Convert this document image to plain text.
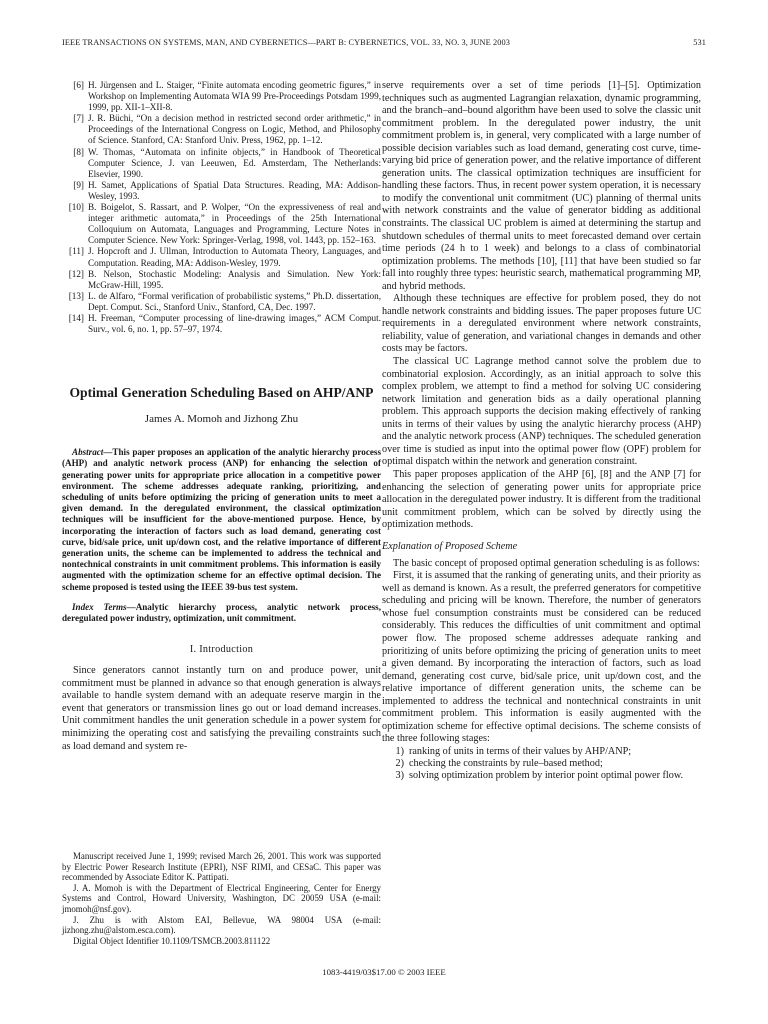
IEEE TRANSACTIONS ON SYSTEMS, MAN, AND CYBERNETICS—PART B: CYBERNETICS, VOL. 33, NO. 3, JUNE 2003	531
[6] H. Jürgensen and L. Staiger, “Finite automata encoding geometric figures,” in Workshop on Implementing Automata WIA 99 Pre-Proceedings Potsdam 1999, 1999, pp. XII-1–XII-8.
[7] J. R. Büchi, “On a decision method in restricted second order arithmetic,” in Proceedings of the International Congress on Logic, Method, and Philosophy of Science. Stanford, CA: Stanford Univ. Press, 1962, pp. 1–12.
[8] W. Thomas, “Automata on infinite objects,” in Handbook of Theoretical Computer Science, J. van Leeuwen, Ed. Amsterdam, The Netherlands: Elsevier, 1990.
[9] H. Samet, Applications of Spatial Data Structures. Reading, MA: Addison-Wesley, 1993.
[10] B. Boigelot, S. Rassart, and P. Wolper, “On the expressiveness of real and integer arithmetic automata,” in Proceedings of the 25th International Colloquium on Automata, Languages and Programming, Lecture Notes in Computer Science. New York: Springer-Verlag, 1998, vol. 1443, pp. 152–163.
[11] J. Hopcroft and J. Ullman, Introduction to Automata Theory, Languages, and Computation. Reading, MA: Addison-Wesley, 1979.
[12] B. Nelson, Stochastic Modeling: Analysis and Simulation. New York: McGraw-Hill, 1995.
[13] L. de Alfaro, “Formal verification of probabilistic systems,” Ph.D. dissertation, Dept. Comput. Sci., Stanford Univ., Stanford, CA, Dec. 1997.
[14] H. Freeman, “Computer processing of line-drawing images,” ACM Comput. Surv., vol. 6, no. 1, pp. 57–97, 1974.
Optimal Generation Scheduling Based on AHP/ANP
James A. Momoh and Jizhong Zhu

Abstract—This paper proposes an application of the analytic hierarchy process (AHP) and analytic network process (ANP) for enhancing the selection of generating power units for appropriate price allocation in a competitive power environment. The scheme addresses adequate ranking, prioritizing, and scheduling of units before optimizing the pricing of generation units to meet a given demand. In the deregulated environment, the classical optimization techniques will be insufficient for the above-mentioned purpose. Hence, by incorporating the interaction of factors such as load demand, generating cost curve, bid/sale price, unit up/down cost, and the relative importance of different generation units, the scheme can be implemented to address the technical and nontechnical constraints in unit commitment problems. This information is easily augmented with the optimization scheme for an effective optimal decision. The scheme proposed is tested using the IEEE 39-bus test system.

Index Terms—Analytic hierarchy process, analytic network process, deregulated power industry, optimization, unit commitment.

I. Introduction

Since generators cannot instantly turn on and produce power, unit commitment must be planned in advance so that enough generation is always available to handle system demand with an adequate reserve margin in the event that generators or transmission lines go out or load demand increases. Unit commitment handles the unit generation schedule in a power system for minimizing the operating cost and satisfying the prevailing constraints such as load demand and system re-

Manuscript received June 1, 1999; revised March 26, 2001. This work was supported by Electric Power Research Institute (EPRI), NSF RIMI, and CESaC. This paper was recommended by Associate Editor K. Pattipati.

J. A. Momoh is with the Department of Electrical Engineering, Center for Energy Systems and Control, Howard University, Washington, DC 20059 USA (e-mail: jmomoh@nsf.gov).

J. Zhu is with Alstom EAI, Bellevue, WA 98004 USA (e-mail: jizhong.zhu@alstom.esca.com).

Digital Object Identifier 10.1109/TSMCB.2003.811122

serve requirements over a set of time periods [1]–[5]. Optimization techniques such as augmented Lagrangian relaxation, dynamic programming, and the branch–and–bound algorithm have been used to solve the classic unit commitment problem. In the deregulated power industry, the unit commitment problem is, in general, very complicated with a large number of possible decision variables such as load demand, generating cost curve, time-varying bid price of generation power, and the relative importance of different generation units. The classical optimization techniques are insufficient for handling these factors. Thus, in recent power system operation, it is necessary to modify the conventional unit commitment (UC) planning of thermal units with network constraints and the value of generator bidding as additional constraints. The classical UC problem is aimed at determining the startup and shutdown schedules of thermal units to meet forecasted demand over certain time periods (24 h to 1 week) and belongs to a class of combinatorial optimization problems. The methods [10], [11] that have been studied so far fall into roughly three types: heuristic search, mathematical programming MP, and hybrid methods.

Although these techniques are effective for problem posed, they do not handle network constraints and bidding issues. The paper proposes future UC requirements in a deregulated environment where network constraints, reliability, value of generation, and variational changes in demands and other costs may be factors.

The classical UC Lagrange method cannot solve the problem due to combinatorial explosion. Accordingly, as an initial approach to solve this complex problem, we attempt to find a method for solving UC considering network limitation and generation bids as a daily operational planning problem. This approach supports the decision making effectively of ranking units in terms of their values by using the analytic hierarchy process (AHP) and the analytic network process (ANP) techniques. The scheduled generation over time is studied as input into the optimal power flow (OPF) problem for optimal dispatch within the network and generation constraint.

This paper proposes application of the AHP [6], [8] and the ANP [7] for enhancing the selection of generating power units for appropriate price allocation in the deregulated power industry. It is different from the traditional unit commitment problem, which can be solved by directly using the optimization methods.

Explanation of Proposed Scheme

The basic concept of proposed optimal generation scheduling is as follows:

First, it is assumed that the ranking of generating units, and their priority as well as demand is known. As a result, the preferred generators for competitive scheduling and pricing will be known. Therefore, the number of generators whose fuel consumption constraints must be considered can be reduced considerably. This reduces the difficulties of unit commitment and optimal power flow. The proposed scheme addresses adequate ranking and prioritizing of units before optimizing the pricing of generation units to meet a given demand. By incorporating the interaction of factors, such as load demand, generating cost curve, bid/sale price, unit up/down cost, and the relative importance of different generation units, the scheme can be implemented to address the technical and nontechnical constraints in unit commitment problem. This information is easily augmented with the optimization scheme for effective optimal decisions. The scheme consists of the three following stages:

1) ranking of units in terms of their values by AHP/ANP;
2) checking the constraints by rule–based method;
3) solving optimization problem by interior point optimal power flow.
1083-4419/03$17.00 © 2003 IEEE
